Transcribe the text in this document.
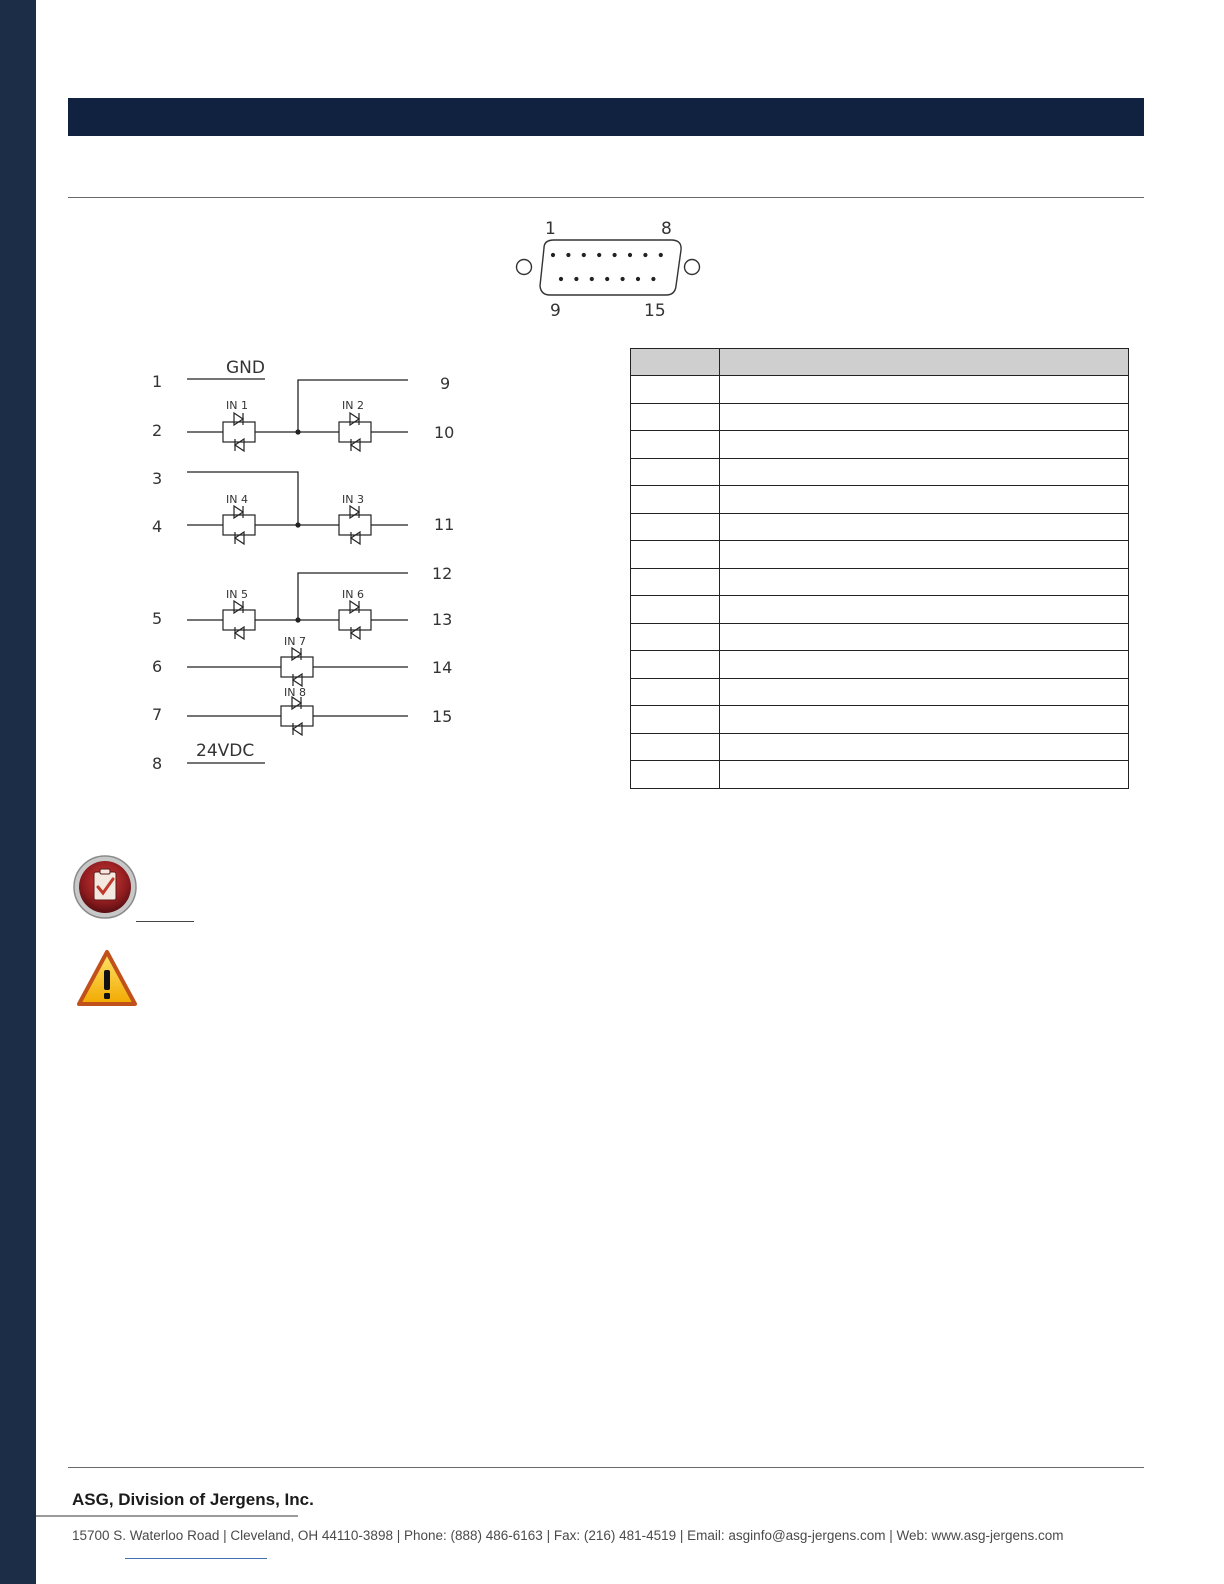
1	8
9	15
1
2
3
4
5
6
7
8
9
10
11
12
13
14
15
GND
24VDC
IN 1	IN 2
IN 3
IN 4
IN 5	IN 6
IN 7
IN 8

ASG, Division of Jergens, Inc.
15700 S. Waterloo Road | Cleveland, OH 44110-3898 | Phone: (888) 486-6163 | Fax: (216) 481-4519 | Email: asginfo@asg-jergens.com | Web: www.asg-jergens.com
